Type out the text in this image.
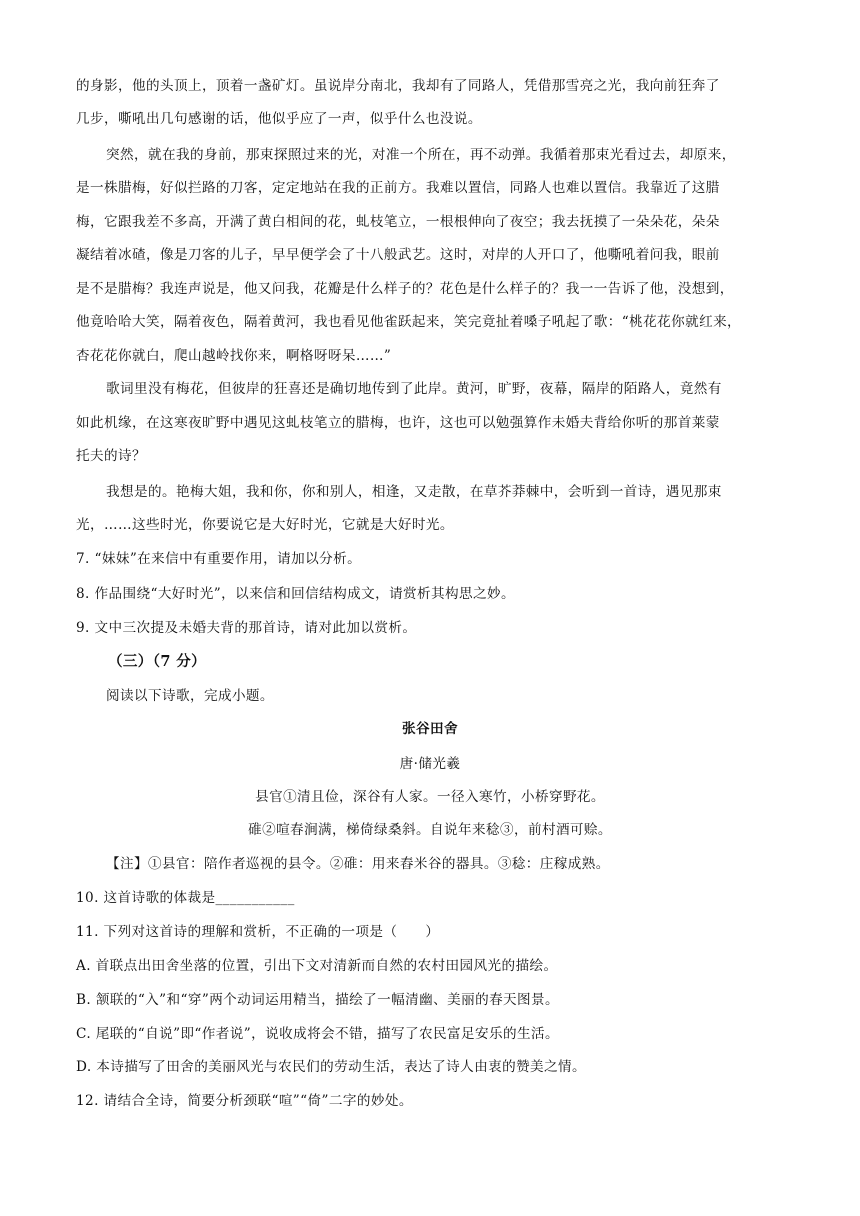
的身影，他的头顶上，顶着一盏矿灯。虽说岸分南北，我却有了同路人，凭借那雪亮之光，我向前狂奔了
几步，嘶吼出几句感谢的话，他似乎应了一声，似乎什么也没说。
突然，就在我的身前，那束探照过来的光，对准一个所在，再不动弹。我循着那束光看过去，却原来，
是一株腊梅，好似拦路的刀客，定定地站在我的正前方。我难以置信，同路人也难以置信。我靠近了这腊
梅，它跟我差不多高，开满了黄白相间的花，虬枝笔立，一根根伸向了夜空；我去抚摸了一朵朵花，朵朵
凝结着冰碴，像是刀客的儿子，早早便学会了十八般武艺。这时，对岸的人开口了，他嘶吼着问我，眼前
是不是腊梅？我连声说是，他又问我，花瓣是什么样子的？花色是什么样子的？我一一告诉了他，没想到，
他竟哈哈大笑，隔着夜色，隔着黄河，我也看见他雀跃起来，笑完竟扯着嗓子吼起了歌：“桃花花你就红来，
杏花花你就白，爬山越岭找你来，啊格呀呀呆……”
歌词里没有梅花，但彼岸的狂喜还是确切地传到了此岸。黄河，旷野，夜幕，隔岸的陌路人，竟然有
如此机缘，在这寒夜旷野中遇见这虬枝笔立的腊梅，也许，这也可以勉强算作未婚夫背给你听的那首莱蒙
托夫的诗？
我想是的。艳梅大姐，我和你，你和别人，相逢，又走散，在草芥莽棘中，会听到一首诗，遇见那束
光，……这些时光，你要说它是大好时光，它就是大好时光。
7. “妹妹”在来信中有重要作用，请加以分析。
8. 作品围绕“大好时光”，以来信和回信结构成文，请赏析其构思之妙。
9. 文中三次提及未婚夫背的那首诗，请对此加以赏析。
（三）（7 分）
阅读以下诗歌，完成小题。
张谷田舍
唐·储光羲
县官①清且俭，深谷有人家。一径入寒竹，小桥穿野花。
碓②喧春涧满，梯倚绿桑斜。自说年来稔③，前村酒可赊。
【注】①县官：陪作者巡视的县令。②碓：用来舂米谷的器具。③稔：庄稼成熟。
10. 这首诗歌的体裁是___________
11. 下列对这首诗的理解和赏析，不正确的一项是（　　）
A. 首联点出田舍坐落的位置，引出下文对清新而自然的农村田园风光的描绘。
B. 颔联的“入”和“穿”两个动词运用精当，描绘了一幅清幽、美丽的春天图景。
C. 尾联的“自说”即“作者说”，说收成将会不错，描写了农民富足安乐的生活。
D. 本诗描写了田舍的美丽风光与农民们的劳动生活，表达了诗人由衷的赞美之情。
12. 请结合全诗，简要分析颈联“喧”“倚”二字的妙处。
